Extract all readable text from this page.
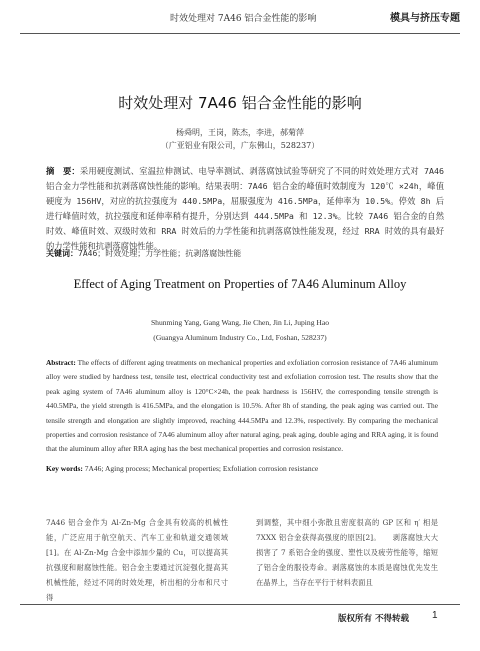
时效处理对 7A46 铝合金性能的影响	模具与挤压专题
时效处理对 7A46 铝合金性能的影响
杨舜明，王岗，陈杰，李进，郝菊萍
（广亚铝业有限公司，广东佛山，528237）
摘　要：采用硬度测试、室温拉伸测试、电导率测试、剥落腐蚀试验等研究了不同的时效处理方式对 7A46 铝合金力学性能和抗剥落腐蚀性能的影响。结果表明：7A46 铝合金的峰值时效制度为 120℃ ×24h，峰值硬度为 156HV，对应的抗拉强度为 440.5MPa，屈服强度为 416.5MPa，延伸率为 10.5%。停效 8h 后进行峰值时效，抗拉强度和延伸率稍有提升，分别达到 444.5MPa 和 12.3%。比较 7A46 铝合金的自然时效、峰值时效、双级时效和 RRA 时效后的力学性能和抗剥落腐蚀性能发现，经过 RRA 时效的具有最好的力学性能和抗剥落腐蚀性能。
关键词：7A46；时效处理；力学性能；抗剥落腐蚀性能
Effect of Aging Treatment on Properties of 7A46 Aluminum Alloy
Shunming Yang, Gang Wang, Jie Chen, Jin Li, Juping Hao
(Guangya Aluminum Industry Co., Ltd, Foshan, 528237)
Abstract: The effects of different aging treatments on mechanical properties and exfoliation corrosion resistance of 7A46 aluminum alloy were studied by hardness test, tensile test, electrical conductivity test and exfoliation corrosion test. The results show that the peak aging system of 7A46 aluminum alloy is 120°C×24h, the peak hardness is 156HV, the corresponding tensile strength is 440.5MPa, the yield strength is 416.5MPa, and the elongation is 10.5%. After 8h of standing, the peak aging was carried out. The tensile strength and elongation are slightly improved, reaching 444.5MPa and 12.3%, respectively. By comparing the mechanical properties and corrosion resistance of 7A46 aluminum alloy after natural aging, peak aging, double aging and RRA aging, it is found that the aluminum alloy after RRA aging has the best mechanical properties and corrosion resistance.
Key words: 7A46; Aging process; Mechanical properties; Exfoliation corrosion resistance
7A46 铝合金作为 Al-Zn-Mg 合金具有较高的机械性能，广泛应用于航空航天、汽车工业和轨道交通领域[1]。在 Al-Zn-Mg 合金中添加少量的 Cu，可以提高其抗强度和耐腐蚀性能。铝合金主要通过沉淀强化提高其机械性能，经过不同的时效处理，析出相的分布和尺寸得
到调整，其中细小弥散且密度很高的 GP 区和 η′ 相是 7XXX 铝合金获得高强度的原因[2]。　　剥落腐蚀大大损害了 7 系铝合金的强度、塑性以及疲劳性能等，缩短了铝合金的服役寿命。剥落腐蚀的本质是腐蚀优先发生在晶界上，当存在平行于材料表面且
版权所有 不得转载 1
